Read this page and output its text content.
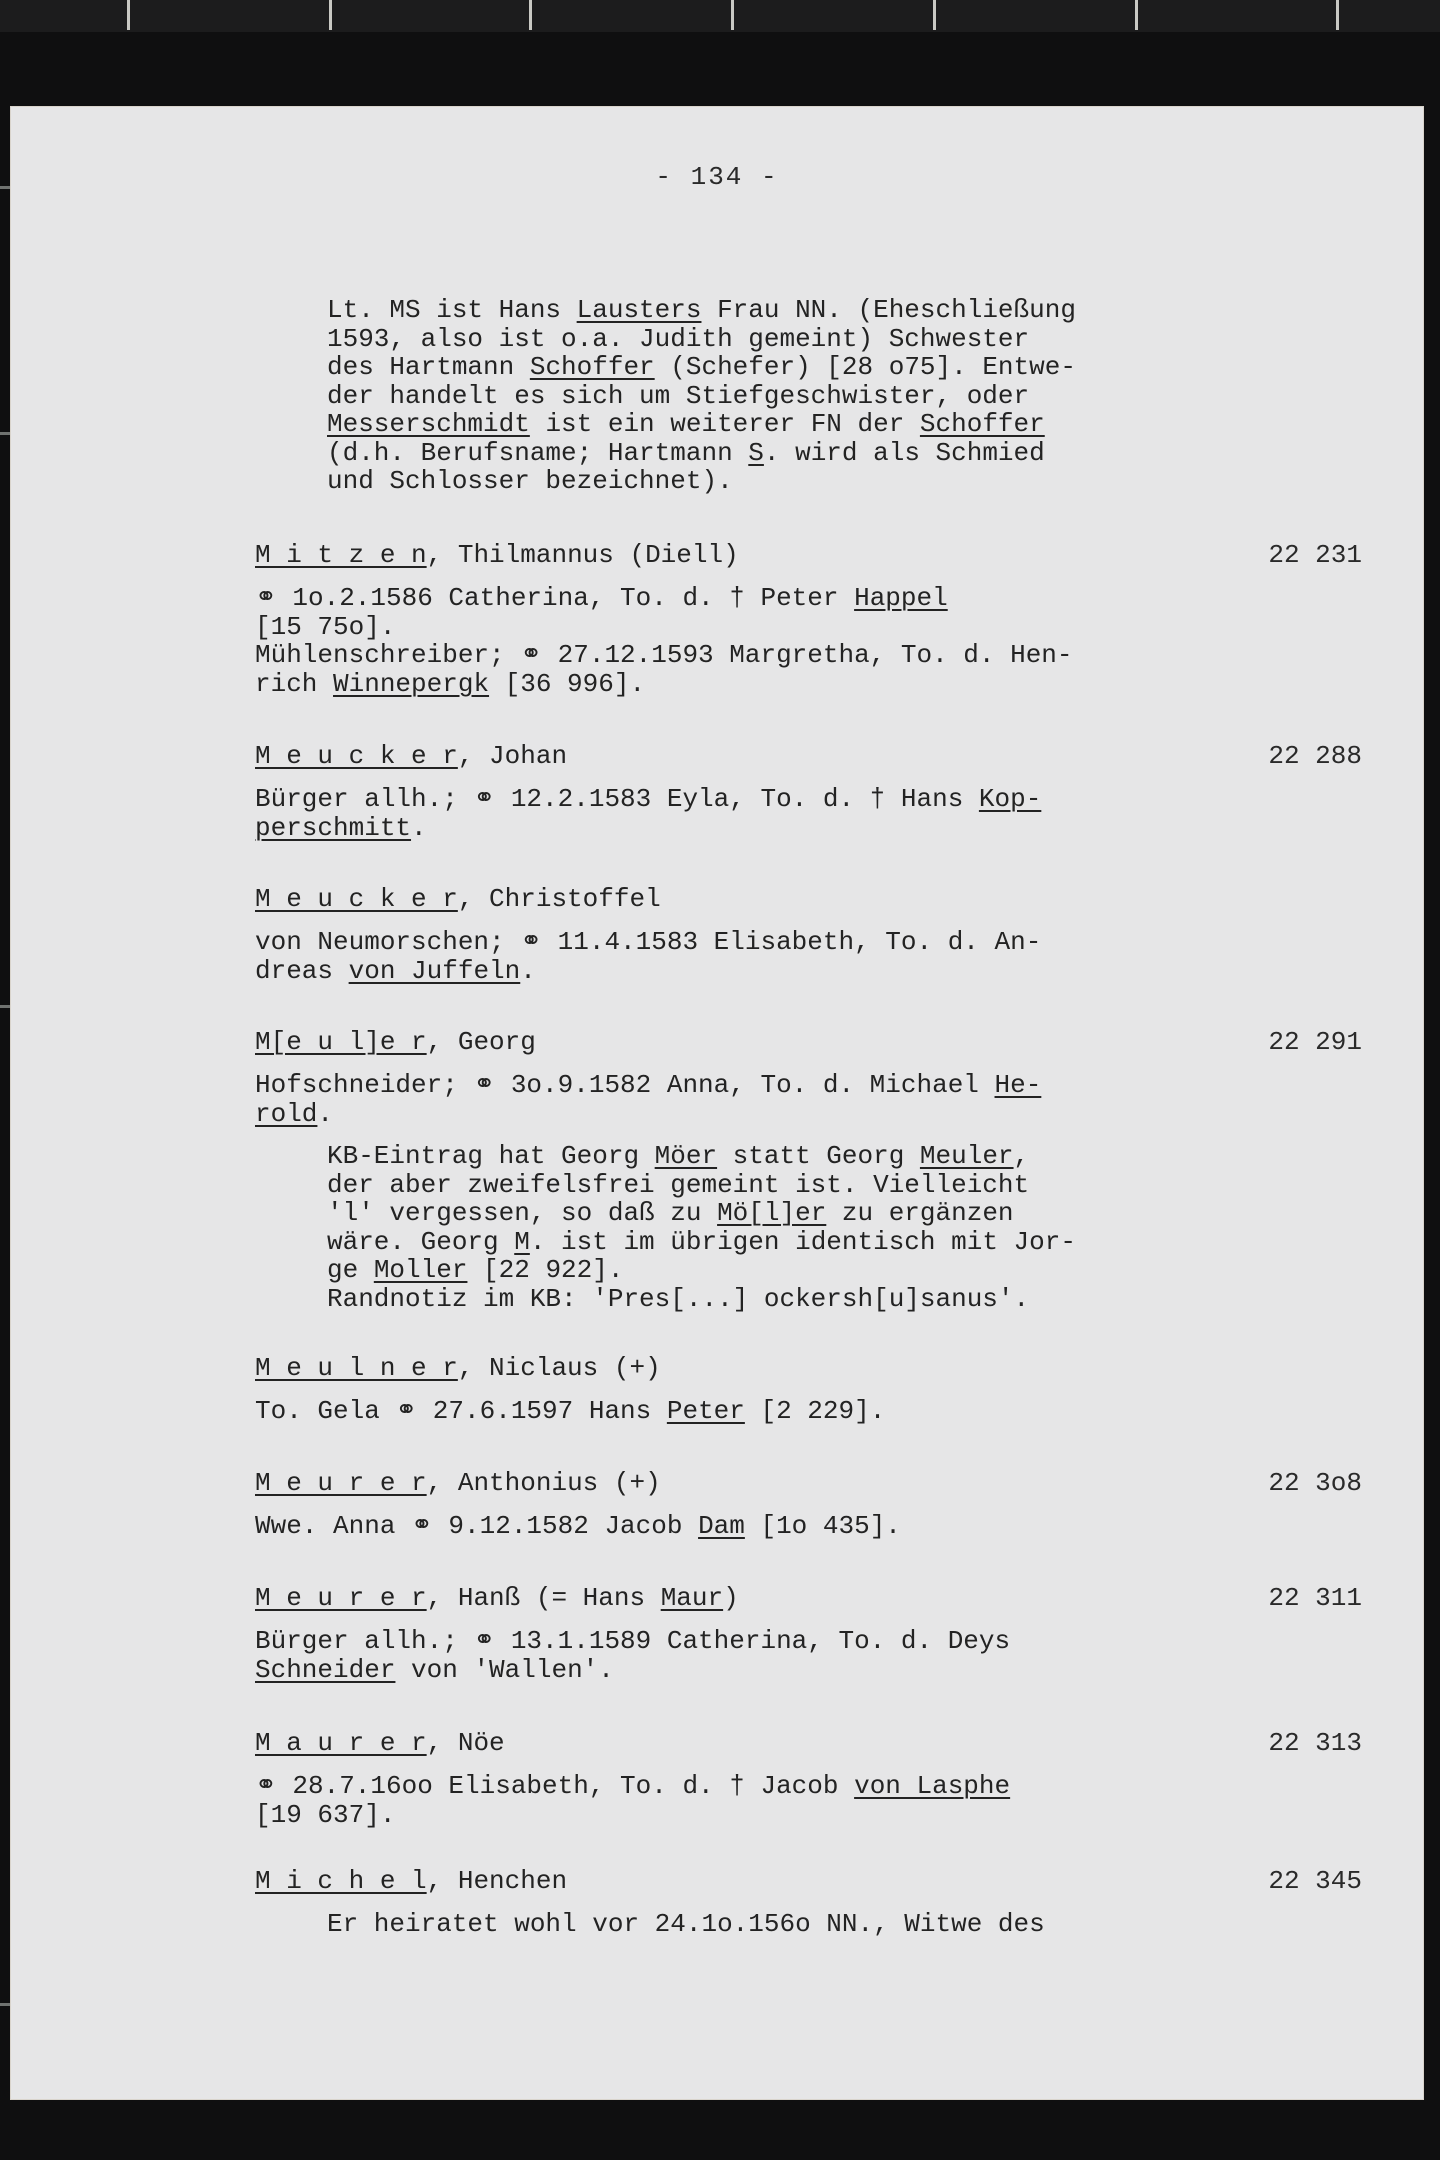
- 134 -
Lt. MS ist Hans Lausters Frau NN. (Eheschließung
1593, also ist o.a. Judith gemeint) Schwester
des Hartmann Schoffer (Schefer) [28 o75]. Entwe-
der handelt es sich um Stiefgeschwister, oder
Messerschmidt ist ein weiterer FN der Schoffer
(d.h. Berufsname; Hartmann S. wird als Schmied
und Schlosser bezeichnet).
M i t z e n, Thilmannus (Diell)	22 231
⚭ 1o.2.1586 Catherina, To. d. † Peter Happel
[15 75o].
Mühlenschreiber; ⚭ 27.12.1593 Margretha, To. d. Hen-
rich Winnepergk [36 996].
M e u c k e r, Johan	22 288
Bürger allh.; ⚭ 12.2.1583 Eyla, To. d. † Hans Kop-
perschmitt.
M e u c k e r, Christoffel
von Neumorschen; ⚭ 11.4.1583 Elisabeth, To. d. An-
dreas von Juffeln.
M[e u l]e r, Georg	22 291
Hofschneider; ⚭ 3o.9.1582 Anna, To. d. Michael He-
rold.
KB-Eintrag hat Georg Möer statt Georg Meuler,
der aber zweifelsfrei gemeint ist. Vielleicht
'l' vergessen, so daß zu Mö[l]er zu ergänzen
wäre. Georg M. ist im übrigen identisch mit Jor-
ge Moller [22 922].
Randnotiz im KB: 'Pres[...] ockersh[u]sanus'.
M e u l n e r, Niclaus (+)
To. Gela ⚭ 27.6.1597 Hans Peter [2 229].
M e u r e r, Anthonius (+)	22 3o8
Wwe. Anna ⚭ 9.12.1582 Jacob Dam [1o 435].
M e u r e r, Hanß (= Hans Maur)	22 311
Bürger allh.; ⚭ 13.1.1589 Catherina, To. d. Deys
Schneider von 'Wallen'.
M a u r e r, Nöe	22 313
⚭ 28.7.16oo Elisabeth, To. d. † Jacob von Lasphe
[19 637].
M i c h e l, Henchen	22 345
Er heiratet wohl vor 24.1o.156o NN., Witwe des
